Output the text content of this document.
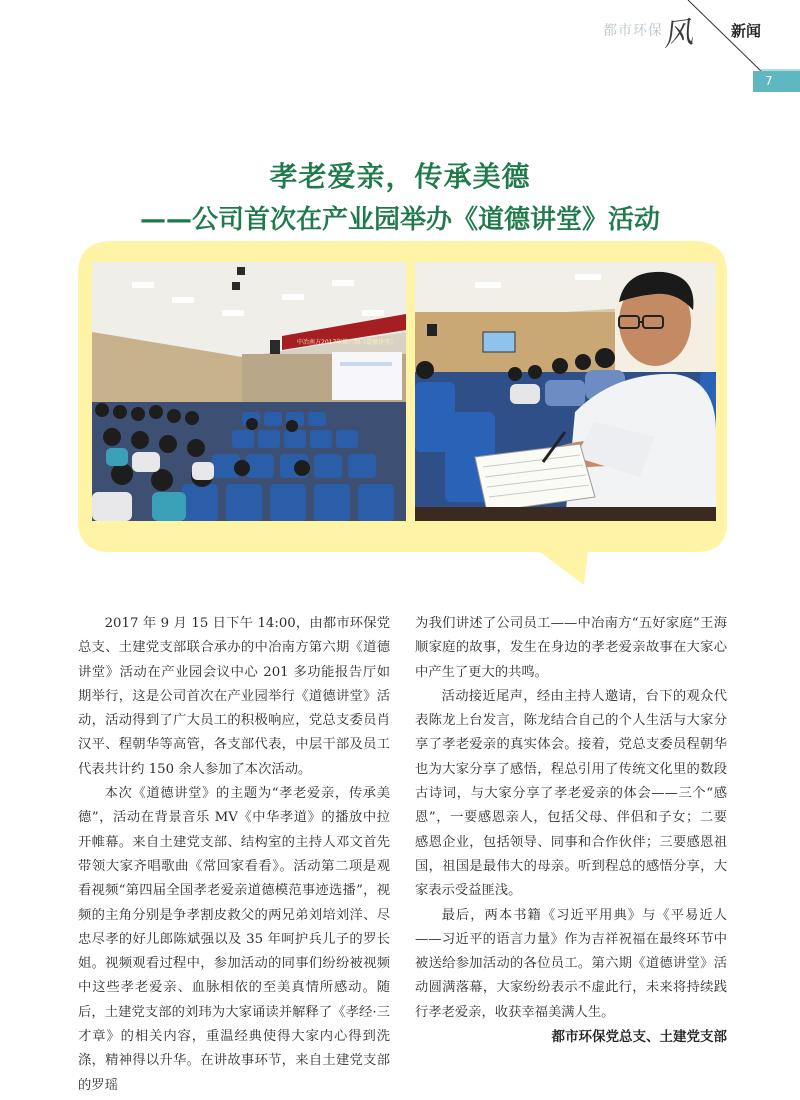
都市环保
风 新闻
7
孝老爱亲，传承美德
——公司首次在产业园举办《道德讲堂》活动
中冶南方2017年第六期《道德讲堂》

2017 年 9 月 15 日下午 14:00，由都市环保党总支、土建党支部联合承办的中冶南方第六期《道德讲堂》活动在产业园会议中心 201 多功能报告厅如期举行，这是公司首次在产业园举行《道德讲堂》活动，活动得到了广大员工的积极响应，党总支委员肖汉平、程朝华等高管，各支部代表，中层干部及员工代表共计约 150 余人参加了本次活动。

本次《道德讲堂》的主题为“孝老爱亲，传承美德”，活动在背景音乐 MV《中华孝道》的播放中拉开帷幕。来自土建党支部、结构室的主持人邓文首先带领大家齐唱歌曲《常回家看看》。活动第二项是观看视频“第四届全国孝老爱亲道德模范事迹选播”，视频的主角分别是争孝割皮救父的两兄弟刘培刘洋、尽忠尽孝的好儿郎陈斌强以及 35 年呵护兵儿子的罗长姐。视频观看过程中，参加活动的同事们纷纷被视频中这些孝老爱亲、血脉相依的至美真情所感动。随后，土建党支部的刘玮为大家诵读并解释了《孝经·三才章》的相关内容，重温经典使得大家内心得到洗涤，精神得以升华。在讲故事环节，来自土建党支部的罗瑶

为我们讲述了公司员工——中冶南方“五好家庭”王海顺家庭的故事，发生在身边的孝老爱亲故事在大家心中产生了更大的共鸣。

活动接近尾声，经由主持人邀请，台下的观众代表陈龙上台发言，陈龙结合自己的个人生活与大家分享了孝老爱亲的真实体会。接着，党总支委员程朝华也为大家分享了感悟，程总引用了传统文化里的数段古诗词，与大家分享了孝老爱亲的体会——三个“感恩”，一要感恩亲人，包括父母、伴侣和子女；二要感恩企业，包括领导、同事和合作伙伴；三要感恩祖国，祖国是最伟大的母亲。听到程总的感悟分享，大家表示受益匪浅。

最后，两本书籍《习近平用典》与《平易近人——习近平的语言力量》作为吉祥祝福在最终环节中被送给参加活动的各位员工。第六期《道德讲堂》活动圆满落幕，大家纷纷表示不虚此行，未来将持续践行孝老爱亲，收获幸福美满人生。

都市环保党总支、土建党支部
